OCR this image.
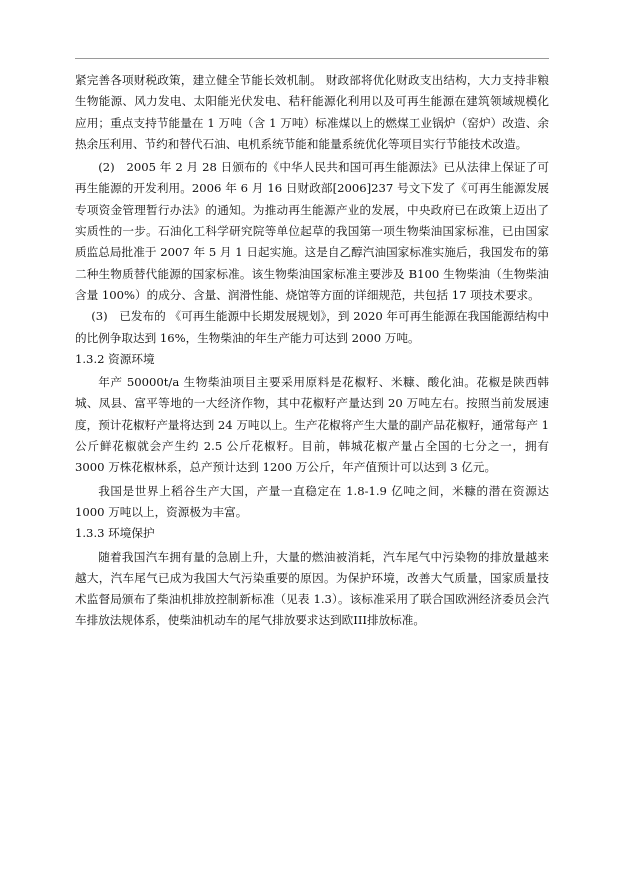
紧完善各项财税政策，建立健全节能长效机制。 财政部将优化财政支出结构，大力支持非粮生物能源、风力发电、太阳能光伏发电、秸秆能源化利用以及可再生能源在建筑领域规模化应用；重点支持节能量在 1 万吨（含 1 万吨）标准煤以上的燃煤工业锅炉（窑炉）改造、余热余压利用、节约和替代石油、电机系统节能和能量系统优化等项目实行节能技术改造。

(2)　2005 年 2 月 28 日颁布的《中华人民共和国可再生能源法》已从法律上保证了可再生能源的开发利用。2006 年 6 月 16 日财政部[2006]237 号文下发了《可再生能源发展专项资金管理暂行办法》的通知。为推动再生能源产业的发展，中央政府已在政策上迈出了实质性的一步。石油化工科学研究院等单位起草的我国第一项生物柴油国家标准，已由国家质监总局批准于 2007 年 5 月 1 日起实施。这是自乙醇汽油国家标准实施后，我国发布的第二种生物质替代能源的国家标准。该生物柴油国家标准主要涉及 B100 生物柴油（生物柴油含量 100%）的成分、含量、润滑性能、烧馆等方面的详细规范，共包括 17 项技术要求。

(3)　已发布的 《可再生能源中长期发展规划》，到 2020 年可再生能源在我国能源结构中的比例争取达到 16%，生物柴油的年生产能力可达到 2000 万吨。

1.3.2 资源环境

年产 50000t/a 生物柴油项目主要采用原料是花椒籽、米糠、酸化油。花椒是陕西韩城、凤县、富平等地的一大经济作物，其中花椒籽产量达到 20 万吨左右。按照当前发展速度，预计花椒籽产量将达到 24 万吨以上。生产花椒将产生大量的副产品花椒籽，通常每产 1 公斤鲜花椒就会产生约 2.5 公斤花椒籽。目前，韩城花椒产量占全国的七分之一，拥有 3000 万株花椒林系，总产预计达到 1200 万公斤，年产值预计可以达到 3 亿元。

我国是世界上稻谷生产大国，产量一直稳定在 1.8-1.9 亿吨之间，米糠的潜在资源达 1000 万吨以上，资源极为丰富。

1.3.3 环境保护

随着我国汽车拥有量的急剧上升，大量的燃油被消耗，汽车尾气中污染物的排放量越来越大，汽车尾气已成为我国大气污染重要的原因。为保护环境，改善大气质量，国家质量技术监督局颁布了柴油机排放控制新标准（见表 1.3）。该标准采用了联合国欧洲经济委员会汽车排放法规体系，使柴油机动车的尾气排放要求达到欧III排放标准。
